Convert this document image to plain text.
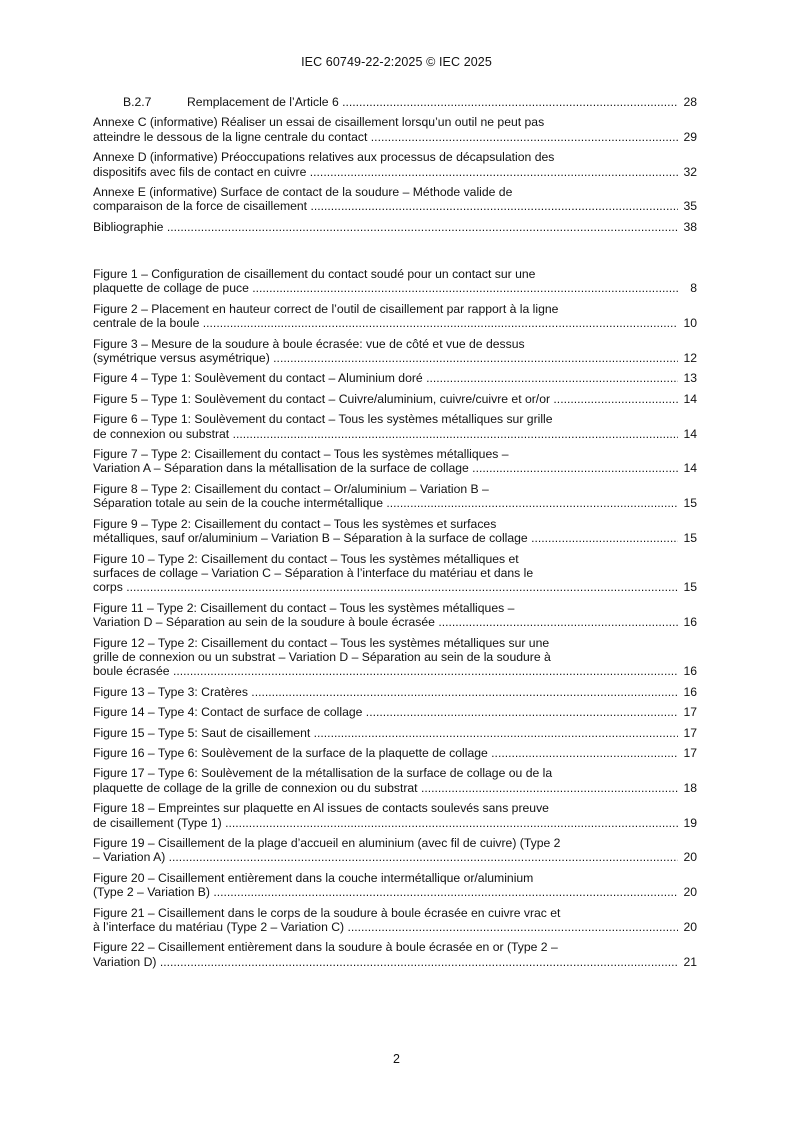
IEC 60749-22-2:2025 © IEC 2025
B.2.7	Remplacement de l’Article 6 .....	28
Annexe C (informative) Réaliser un essai de cisaillement lorsqu’un outil ne peut pas
atteindre le dessous de la ligne centrale du contact .....	29
Annexe D (informative) Préoccupations relatives aux processus de décapsulation des
dispositifs avec fils de contact en cuivre .....	32
Annexe E (informative) Surface de contact de la soudure – Méthode valide de
comparaison de la force de cisaillement .....	35
Bibliographie .....	38
Figure 1 – Configuration de cisaillement du contact soudé pour un contact sur une
plaquette de collage de puce .....	8
Figure 2 – Placement en hauteur correct de l’outil de cisaillement par rapport à la ligne
centrale de la boule .....	10
Figure 3 – Mesure de la soudure à boule écrasée: vue de côté et vue de dessus
(symétrique versus asymétrique) .....	12
Figure 4 – Type 1: Soulèvement du contact – Aluminium doré .....	13
Figure 5 – Type 1: Soulèvement du contact – Cuivre/aluminium, cuivre/cuivre et or/or .....	14
Figure 6 – Type 1: Soulèvement du contact – Tous les systèmes métalliques sur grille
de connexion ou substrat .....	14
Figure 7 – Type 2: Cisaillement du contact – Tous les systèmes métalliques –
Variation A – Séparation dans la métallisation de la surface de collage .....	14
Figure 8 – Type 2: Cisaillement du contact – Or/aluminium – Variation B –
Séparation totale au sein de la couche intermétallique .....	15
Figure 9 – Type 2: Cisaillement du contact – Tous les systèmes et surfaces
métalliques, sauf or/aluminium – Variation B – Séparation à la surface de collage .....	15
Figure 10 – Type 2: Cisaillement du contact – Tous les systèmes métalliques et
surfaces de collage – Variation C – Séparation à l’interface du matériau et dans le
corps .....	15
Figure 11 – Type 2: Cisaillement du contact – Tous les systèmes métalliques –
Variation D – Séparation au sein de la soudure à boule écrasée .....	16
Figure 12 – Type 2: Cisaillement du contact – Tous les systèmes métalliques sur une
grille de connexion ou un substrat – Variation D – Séparation au sein de la soudure à
boule écrasée .....	16
Figure 13 – Type 3: Cratères .....	16
Figure 14 – Type 4: Contact de surface de collage .....	17
Figure 15 – Type 5: Saut de cisaillement .....	17
Figure 16 – Type 6: Soulèvement de la surface de la plaquette de collage .....	17
Figure 17 – Type 6: Soulèvement de la métallisation de la surface de collage ou de la
plaquette de collage de la grille de connexion ou du substrat .....	18
Figure 18 – Empreintes sur plaquette en Al issues de contacts soulevés sans preuve
de cisaillement (Type 1) .....	19
Figure 19 – Cisaillement de la plage d’accueil en aluminium (avec fil de cuivre) (Type 2
– Variation A) .....	20
Figure 20 – Cisaillement entièrement dans la couche intermétallique or/aluminium
(Type 2 – Variation B) .....	20
Figure 21 – Cisaillement dans le corps de la soudure à boule écrasée en cuivre vrac et
à l’interface du matériau (Type 2 – Variation C) .....	20
Figure 22 – Cisaillement entièrement dans la soudure à boule écrasée en or (Type 2 –
Variation D) .....	21
2
